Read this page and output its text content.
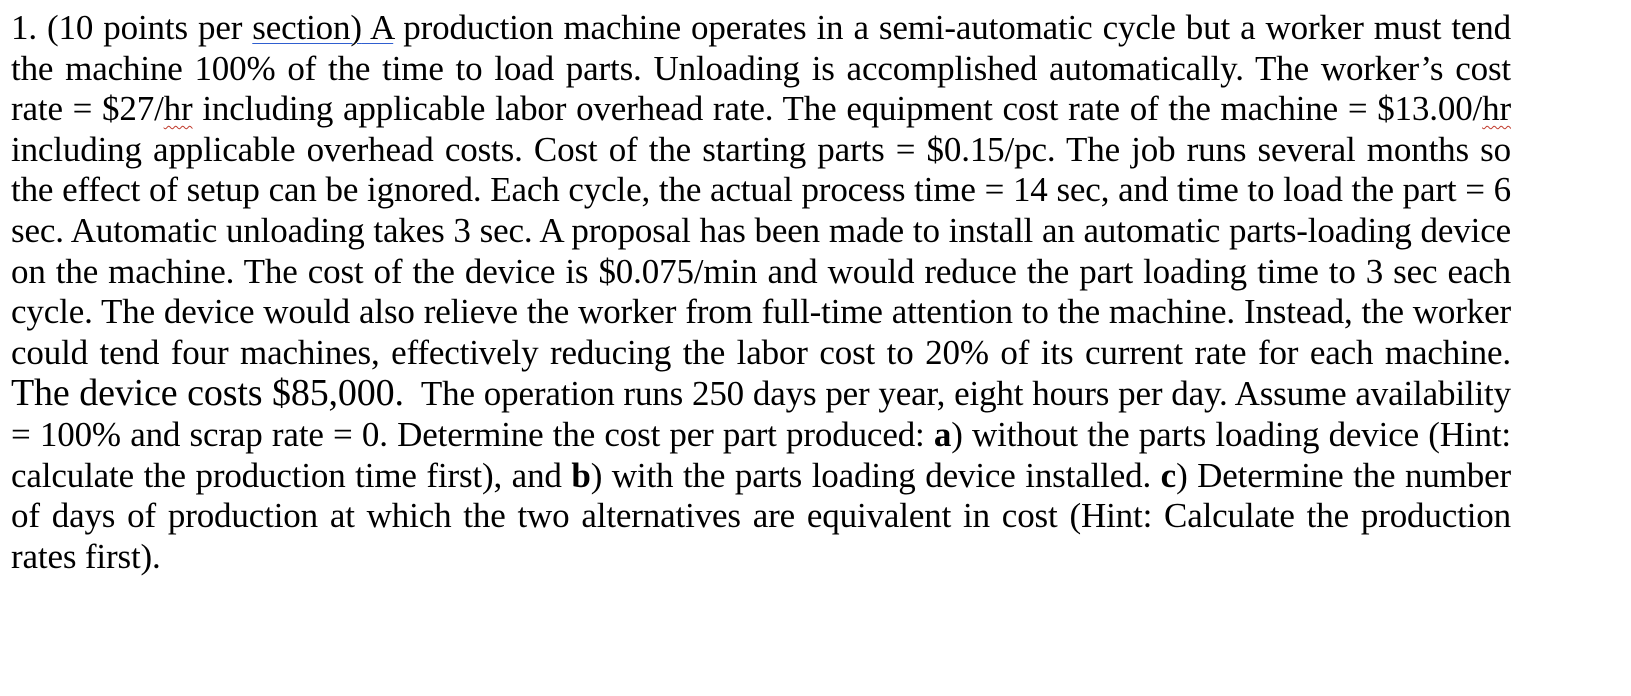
1. (10 points per section) A production machine operates in a semi-automatic cycle but a worker must tend the machine 100% of the time to load parts. Unloading is accomplished automatically. The worker’s cost rate = $27/hr including applicable labor overhead rate. The equipment cost rate of the machine = $13.00/hr including applicable overhead costs. Cost of the starting parts = $0.15/pc. The job runs several months so the effect of setup can be ignored. Each cycle, the actual process time = 14 sec, and time to load the part = 6 sec. Automatic unloading takes 3 sec. A proposal has been made to install an automatic parts-loading device on the machine. The cost of the device is $0.075/min and would reduce the part loading time to 3 sec each cycle. The device would also relieve the worker from full-time attention to the machine. Instead, the worker could tend four machines, effectively reducing the labor cost to 20% of its current rate for each machine. The device costs $85,000.  The operation runs 250 days per year, eight hours per day. Assume availability = 100% and scrap rate = 0. Determine the cost per part produced: a) without the parts loading device (Hint: calculate the production time first), and b) with the parts loading device installed. c) Determine the number of days of production at which the two alternatives are equivalent in cost (Hint: Calculate the production rates first).
